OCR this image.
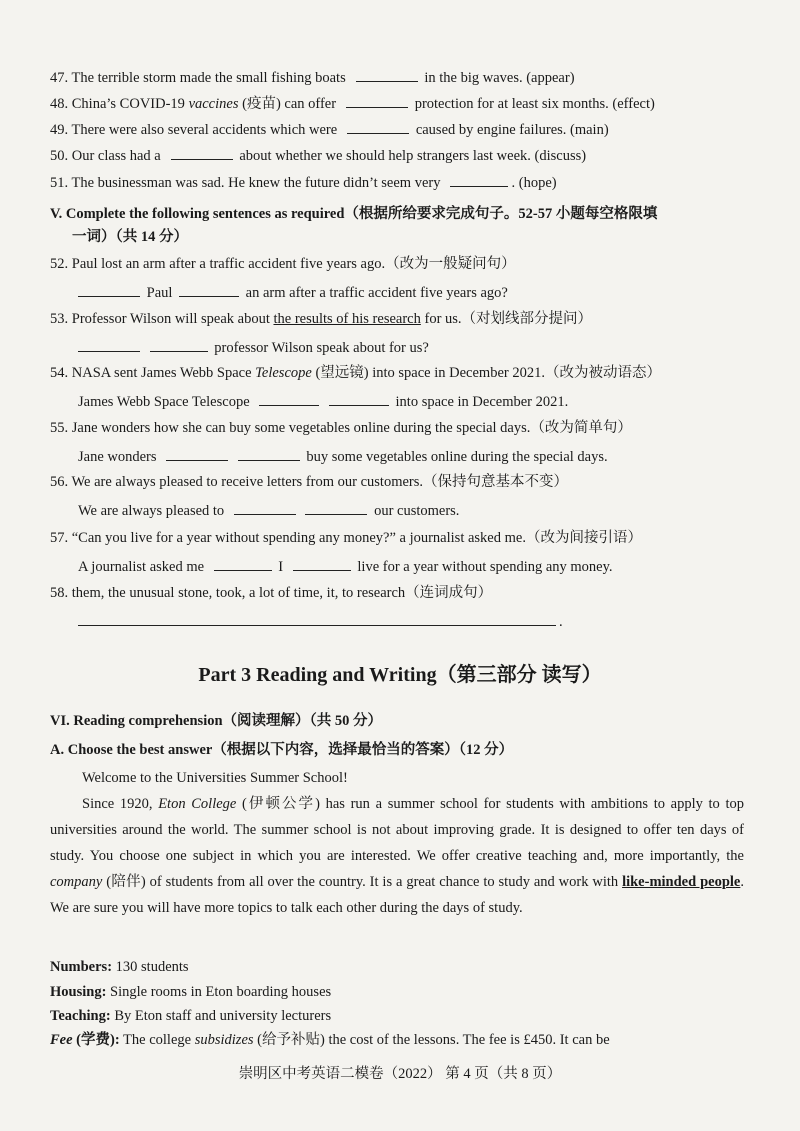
47. The terrible storm made the small fishing boats	in the big waves. (appear)
48. China’s COVID-19 vaccines (疫苗) can offer	protection for at least six months. (effect)
49. There were also several accidents which were	caused by engine failures. (main)
50. Our class had a	about whether we should help strangers last week. (discuss)
51. The businessman was sad. He knew the future didn’t seem very	. (hope)
V. Complete the following sentences as required（根据所给要求完成句子。52-57 小题每空格限填
一词）（共 14 分）
52. Paul lost an arm after a traffic accident five years ago.（改为一般疑问句）
Paul	an arm after a traffic accident five years ago?
53. Professor Wilson will speak about the results of his research for us.（对划线部分提问）
professor Wilson speak about for us?
54. NASA sent James Webb Space Telescope (望远镜) into space in December 2021.（改为被动语态）
James Webb Space Telescope	into space in December 2021.
55. Jane wonders how she can buy some vegetables online during the special days.（改为简单句）
Jane wonders	buy some vegetables online during the special days.
56. We are always pleased to receive letters from our customers.（保持句意基本不变）
We are always pleased to	our customers.
57. “Can you live for a year without spending any money?” a journalist asked me.（改为间接引语）
A journalist asked me	I	live for a year without spending any money.
58. them, the unusual stone, took, a lot of time, it, to research（连词成句）
.
Part 3 Reading and Writing（第三部分 读写）
VI. Reading comprehension（阅读理解）（共 50 分）
A. Choose the best answer（根据以下内容，选择最恰当的答案）（12 分）
Welcome to the Universities Summer School!
Since 1920, Eton College (伊顿公学) has run a summer school for students with ambitions to apply to top universities around the world. The summer school is not about improving grade. It is designed to offer ten days of study. You choose one subject in which you are interested. We offer creative teaching and, more importantly, the company (陪伴) of students from all over the country. It is a great chance to study and work with like-minded people. We are sure you will have more topics to talk each other during the days of study.
Numbers: 130 students
Housing: Single rooms in Eton boarding houses
Teaching: By Eton staff and university lecturers
Fee (学费): The college subsidizes (给予补贴) the cost of the lessons. The fee is £450. It can be
崇明区中考英语二模卷（2022） 第 4 页（共 8 页）
